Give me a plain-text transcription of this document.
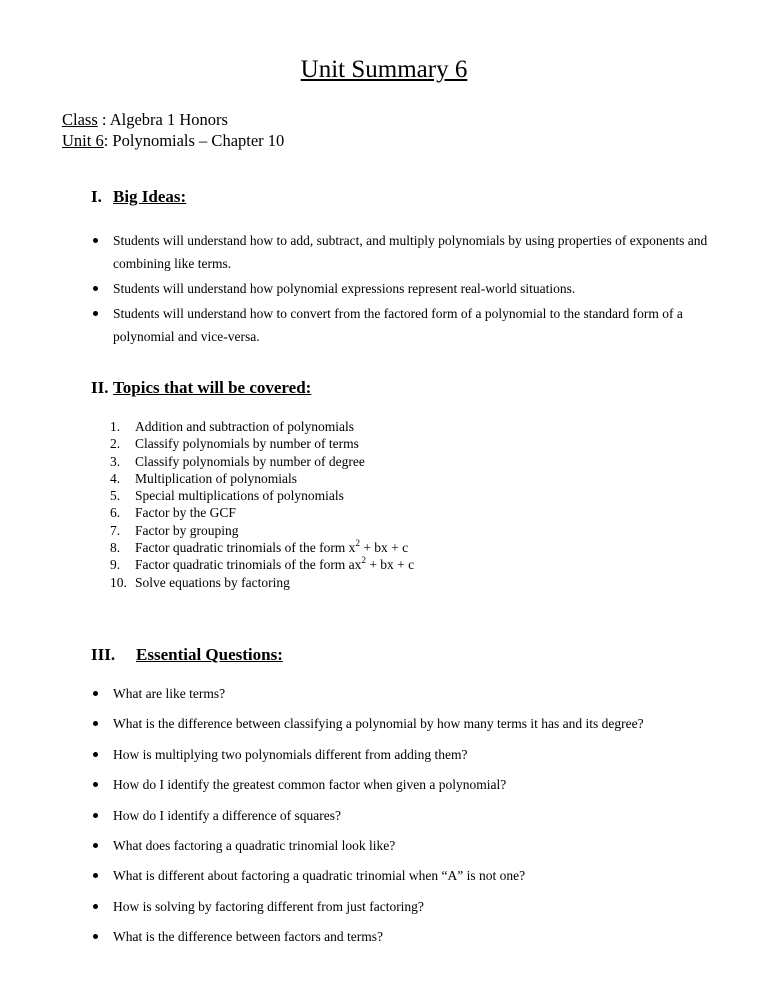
Unit Summary 6
Class : Algebra 1 Honors
Unit 6: Polynomials – Chapter 10
I. Big Ideas:
Students will understand how to add, subtract, and multiply polynomials by using properties of exponents and combining like terms.
Students will understand how polynomial expressions represent real-world situations.
Students will understand how to convert from the factored form of a polynomial to the standard form of a polynomial and vice-versa.
II. Topics that will be covered:
1.	Addition and subtraction of polynomials
2.	Classify polynomials by number of terms
3.	Classify polynomials by number of degree
4.	Multiplication of polynomials
5.	Special multiplications of polynomials
6.	Factor by the GCF
7.	Factor by grouping
8.	Factor quadratic trinomials of the form $x^2$ + bx + c
9.	Factor quadratic trinomials of the form $ax^2$ + bx + c
10. Solve equations by factoring
III. Essential Questions:
What are like terms?
What is the difference between classifying a polynomial by how many terms it has and its degree?
How is multiplying two polynomials different from adding them?
How do I identify the greatest common factor when given a polynomial?
How do I identify a difference of squares?
What does factoring a quadratic trinomial look like?
What is different about factoring a quadratic trinomial when “A” is not one?
How is solving by factoring different from just factoring?
What is the difference between factors and terms?
